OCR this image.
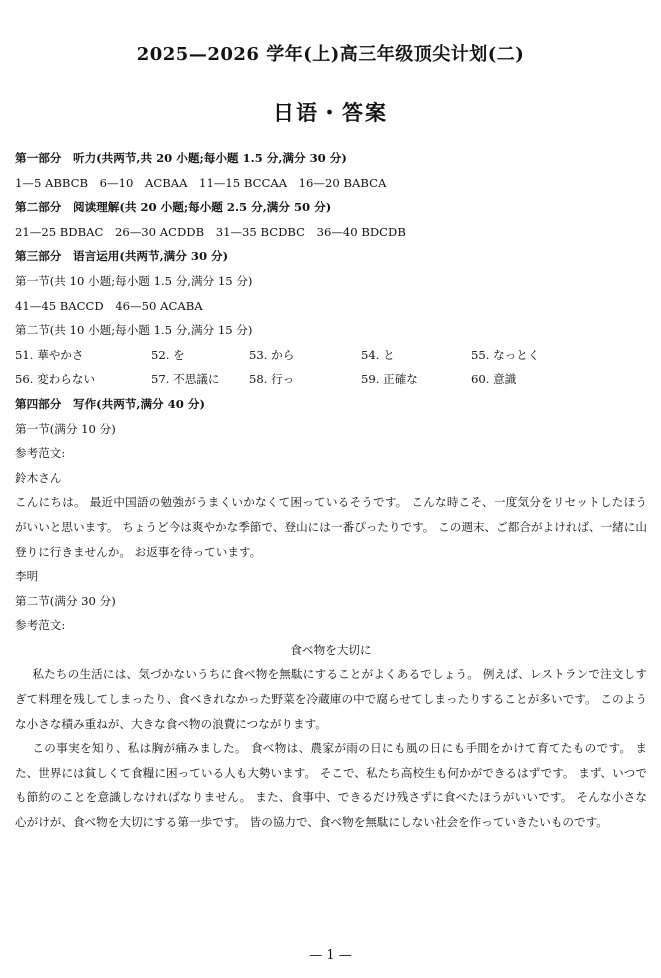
2025—2026 学年(上)高三年级顶尖计划(二)
日语・答案
第一部分　听力(共两节,共 20 小题;每小题 1.5 分,满分 30 分)
1—5 ABBCB　6—10　ACBAA　11—15 BCCAA　16—20 BABCA
第二部分　阅读理解(共 20 小题;每小题 2.5 分,满分 50 分)
21—25 BDBAC　26—30 ACDDB　31—35 BCDBC　36—40 BDCDB
第三部分　语言运用(共两节,满分 30 分)
第一节(共 10 小题;每小题 1.5 分,满分 15 分)
41—45 BACCD　46—50 ACABA
第二节(共 10 小题;每小题 1.5 分,满分 15 分)
51. 華やかさ	52. を	53. から	54. と	55. なっとく
56. 変わらない	57. 不思議に	58. 行っ	59. 正確な	60. 意識
第四部分　写作(共两节,满分 40 分)
第一节(满分 10 分)
参考范文:
鈴木さん
こんにちは。 最近中国語の勉強がうまくいかなくて困っているそうです。 こんな時こそ、一度気分をリセットしたほうがいいと思います。 ちょうど今は爽やかな季節で、登山には一番ぴったりです。 この週末、ご都合がよければ、一緒に山登りに行きませんか。 お返事を待っています。
李明
第二节(满分 30 分)
参考范文:
食べ物を大切に
私たちの生活には、気づかないうちに食べ物を無駄にすることがよくあるでしょう。 例えば、レストランで注文しすぎて料理を残してしまったり、食べきれなかった野菜を冷蔵庫の中で腐らせてしまったりすることが多いです。 このような小さな積み重ねが、大きな食べ物の浪費につながります。
この事実を知り、私は胸が痛みました。 食べ物は、農家が雨の日にも風の日にも手間をかけて育てたものです。 また、世界には貧しくて食糧に困っている人も大勢います。 そこで、私たち高校生も何かができるはずです。 まず、いつでも節約のことを意識しなければなりません。 また、食事中、できるだけ残さずに食べたほうがいいです。 そんな小さな心がけが、食べ物を大切にする第一歩です。 皆の協力で、食べ物を無駄にしない社会を作っていきたいものです。
— 1 —
